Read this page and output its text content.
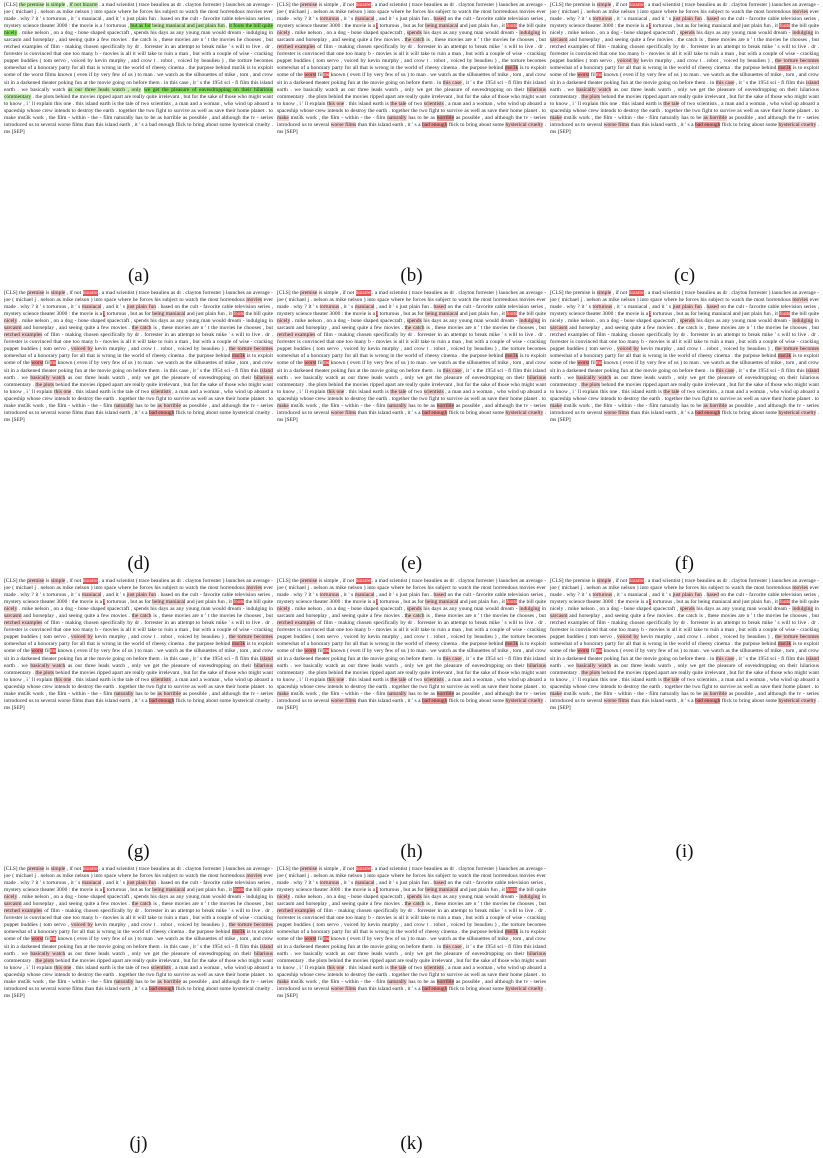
[CLS] the premise is simple , if not bizarre . a mad scientist ( trace beaulieu as dr . clayton forrester ) launches an average - joe ( michael j . nelson as mike nelson ) into space where he forces his subject to watch the most horrendous movies ever made . why ? it ' s torturous , it ' s maniacal , and it ' s just plain fun . based on the cult - favorite cable television series , mystery science theater 3000 : the movie is a ! torturous , but as for being maniacal and just plain fun , it foots the bill quite nicely . mike nelson , on a dog - bone shaped spacecraft , spends his days as any young man would dream - indulging in sarcasm and horseplay , and seeing quite a few movies . the catch is , these movies are n ' t the movies he chooses , but retched examples of film - making chosen specifically by dr . forrester in an attempt to break mike ' s will to live . dr . forrester is convinced that one too many b - movies is all it will take to ruin a man , but with a couple of wise - cracking puppet buddies ( tom servo , voiced by kevin murphy , and crow t . robot , voiced by beaulieu ) , the torture becomes somewhat of a honorary party for all that is wrong in the world of cheesy cinema . the purpose behind mst3k is to exploit some of the worst films known ( even if by very few of us ) to man . we watch as the silhouettes of mike , tom , and crow sit in a darkened theater poking fun at the movie going on before them . in this case , it ' s the 1954 sci - fi film this island earth . we basically watch as our three leads watch , only we get the pleasure of eavesdropping on their hilarious commentary . the plots behind the movies ripped apart are really quite irrelevant , but for the sake of those who might want to know , i ' ll explain this one . this island earth is the tale of two scientists , a man and a woman , who wind up aboard a spaceship whose crew intends to destroy the earth . together the two fight to survive as well as save their home planet . to make mst3k work , the film - within - the - film naturally has to be as horrible as possible , and although the tv - series introduced us to several worse films than this island earth , it ' s a bad enough flick to bring about some hysterical cruelty . ms [SEP]
(a)
[CLS] the premise is simple , if not bizarre . a mad scientist ( trace beaulieu as dr . clayton forrester ) launches an average - joe ( michael j . nelson as mike nelson ) into space where he forces his subject to watch the most horrendous movies ever made . why ? it ' s torturous , it ' s maniacal , and it ' s just plain fun . based on the cult - favorite cable television series , mystery science theater 3000 : the movie is a ! torturous , but as for being maniacal and just plain fun , it foots the bill quite nicely . mike nelson , on a dog - bone shaped spacecraft , spends his days as any young man would dream - indulging in sarcasm and horseplay , and seeing quite a few movies . the catch is , these movies are n ' t the movies he chooses , but retched examples of film - making chosen specifically by dr . forrester in an attempt to break mike ' s will to live . dr . forrester is convinced that one too many b - movies is all it will take to ruin a man , but with a couple of wise - cracking puppet buddies ( tom servo , voiced by kevin murphy , and crow t . robot , voiced by beaulieu ) , the torture becomes somewhat of a honorary party for all that is wrong in the world of cheesy cinema . the purpose behind mst3k is to exploit some of the worst films known ( even if by very few of us ) to man . we watch as the silhouettes of mike , tom , and crow sit in a darkened theater poking fun at the movie going on before them . in this case , it ' s the 1954 sci - fi film this island earth . we basically watch as our three leads watch , only we get the pleasure of eavesdropping on their hilarious commentary . the plots behind the movies ripped apart are really quite irrelevant , but for the sake of those who might want to know , i ' ll explain this one . this island earth is the tale of two scientists , a man and a woman , who wind up aboard a spaceship whose crew intends to destroy the earth . together the two fight to survive as well as save their home planet . to make mst3k work , the film - within - the - film naturally has to be as horrible as possible , and although the tv - series introduced us to several worse films than this island earth , it ' s a bad enough flick to bring about some hysterical cruelty . ms [SEP]
(b)
[CLS] the premise is simple , if not bizarre . a mad scientist ( trace beaulieu as dr . clayton forrester ) launches an average - joe ( michael j . nelson as mike nelson ) into space where he forces his subject to watch the most horrendous movies ever made . why ? it ' s torturous , it ' s maniacal , and it ' s just plain fun . based on the cult - favorite cable television series , mystery science theater 3000 : the movie is a ! torturous , but as for being maniacal and just plain fun , it foots the bill quite nicely . mike nelson , on a dog - bone shaped spacecraft , spends his days as any young man would dream - indulging in sarcasm and horseplay , and seeing quite a few movies . the catch is , these movies are n ' t the movies he chooses , but retched examples of film - making chosen specifically by dr . forrester in an attempt to break mike ' s will to live . dr . forrester is convinced that one too many b - movies is all it will take to ruin a man , but with a couple of wise - cracking puppet buddies ( tom servo , voiced by kevin murphy , and crow t . robot , voiced by beaulieu ) , the torture becomes somewhat of a honorary party for all that is wrong in the world of cheesy cinema . the purpose behind mst3k is to exploit some of the worst films known ( even if by very few of us ) to man . we watch as the silhouettes of mike , tom , and crow sit in a darkened theater poking fun at the movie going on before them . in this case , it ' s the 1954 sci - fi film this island earth . we basically watch as our three leads watch , only we get the pleasure of eavesdropping on their hilarious commentary . the plots behind the movies ripped apart are really quite irrelevant , but for the sake of those who might want to know , i ' ll explain this one . this island earth is the tale of two scientists , a man and a woman , who wind up aboard a spaceship whose crew intends to destroy the earth . together the two fight to survive as well as save their home planet . to make mst3k work , the film - within - the - film naturally has to be as horrible as possible , and although the tv - series introduced us to several worse films than this island earth , it ' s a bad enough flick to bring about some hysterical cruelty . ms [SEP]
(c)
[CLS] the premise is simple , if not bizarre . a mad scientist ( trace beaulieu as dr . clayton forrester ) launches an average - joe ( michael j . nelson as mike nelson ) into space where he forces his subject to watch the most horrendous movies ever made . why ? it ' s torturous , it ' s maniacal , and it ' s just plain fun . based on the cult - favorite cable television series , mystery science theater 3000 : the movie is a ! torturous , but as for being maniacal and just plain fun , it foots the bill quite nicely . mike nelson , on a dog - bone shaped spacecraft , spends his days as any young man would dream - indulging in sarcasm and horseplay , and seeing quite a few movies . the catch is , these movies are n ' t the movies he chooses , but retched examples of film - making chosen specifically by dr . forrester in an attempt to break mike ' s will to live . dr . forrester is convinced that one too many b - movies is all it will take to ruin a man , but with a couple of wise - cracking puppet buddies ( tom servo , voiced by kevin murphy , and crow t . robot , voiced by beaulieu ) , the torture becomes somewhat of a honorary party for all that is wrong in the world of cheesy cinema . the purpose behind mst3k is to exploit some of the worst films known ( even if by very few of us ) to man . we watch as the silhouettes of mike , tom , and crow sit in a darkened theater poking fun at the movie going on before them . in this case , it ' s the 1954 sci - fi film this island earth . we basically watch as our three leads watch , only we get the pleasure of eavesdropping on their hilarious commentary . the plots behind the movies ripped apart are really quite irrelevant , but for the sake of those who might want to know , i ' ll explain this one . this island earth is the tale of two scientists , a man and a woman , who wind up aboard a spaceship whose crew intends to destroy the earth . together the two fight to survive as well as save their home planet . to make mst3k work , the film - within - the - film naturally has to be as horrible as possible , and although the tv - series introduced us to several worse films than this island earth , it ' s a bad enough flick to bring about some hysterical cruelty . ms [SEP]
(d)
[CLS] the premise is simple , if not bizarre . a mad scientist ( trace beaulieu as dr . clayton forrester ) launches an average - joe ( michael j . nelson as mike nelson ) into space where he forces his subject to watch the most horrendous movies ever made . why ? it ' s torturous , it ' s maniacal , and it ' s just plain fun . based on the cult - favorite cable television series , mystery science theater 3000 : the movie is a ! torturous , but as for being maniacal and just plain fun , it foots the bill quite nicely . mike nelson , on a dog - bone shaped spacecraft , spends his days as any young man would dream - indulging in sarcasm and horseplay , and seeing quite a few movies . the catch is , these movies are n ' t the movies he chooses , but retched examples of film - making chosen specifically by dr . forrester in an attempt to break mike ' s will to live . dr . forrester is convinced that one too many b - movies is all it will take to ruin a man , but with a couple of wise - cracking puppet buddies ( tom servo , voiced by kevin murphy , and crow t . robot , voiced by beaulieu ) , the torture becomes somewhat of a honorary party for all that is wrong in the world of cheesy cinema . the purpose behind mst3k is to exploit some of the worst films known ( even if by very few of us ) to man . we watch as the silhouettes of mike , tom , and crow sit in a darkened theater poking fun at the movie going on before them . in this case , it ' s the 1954 sci - fi film this island earth . we basically watch as our three leads watch , only we get the pleasure of eavesdropping on their hilarious commentary . the plots behind the movies ripped apart are really quite irrelevant , but for the sake of those who might want to know , i ' ll explain this one . this island earth is the tale of two scientists , a man and a woman , who wind up aboard a spaceship whose crew intends to destroy the earth . together the two fight to survive as well as save their home planet . to make mst3k work , the film - within - the - film naturally has to be as horrible as possible , and although the tv - series introduced us to several worse films than this island earth , it ' s a bad enough flick to bring about some hysterical cruelty . ms [SEP]
(e)
[CLS] the premise is simple , if not bizarre . a mad scientist ( trace beaulieu as dr . clayton forrester ) launches an average - joe ( michael j . nelson as mike nelson ) into space where he forces his subject to watch the most horrendous movies ever made . why ? it ' s torturous , it ' s maniacal , and it ' s just plain fun . based on the cult - favorite cable television series , mystery science theater 3000 : the movie is a ! torturous , but as for being maniacal and just plain fun , it foots the bill quite nicely . mike nelson , on a dog - bone shaped spacecraft , spends his days as any young man would dream - indulging in sarcasm and horseplay , and seeing quite a few movies . the catch is , these movies are n ' t the movies he chooses , but retched examples of film - making chosen specifically by dr . forrester in an attempt to break mike ' s will to live . dr . forrester is convinced that one too many b - movies is all it will take to ruin a man , but with a couple of wise - cracking puppet buddies ( tom servo , voiced by kevin murphy , and crow t . robot , voiced by beaulieu ) , the torture becomes somewhat of a honorary party for all that is wrong in the world of cheesy cinema . the purpose behind mst3k is to exploit some of the worst films known ( even if by very few of us ) to man . we watch as the silhouettes of mike , tom , and crow sit in a darkened theater poking fun at the movie going on before them . in this case , it ' s the 1954 sci - fi film this island earth . we basically watch as our three leads watch , only we get the pleasure of eavesdropping on their hilarious commentary . the plots behind the movies ripped apart are really quite irrelevant , but for the sake of those who might want to know , i ' ll explain this one . this island earth is the tale of two scientists , a man and a woman , who wind up aboard a spaceship whose crew intends to destroy the earth . together the two fight to survive as well as save their home planet . to make mst3k work , the film - within - the - film naturally has to be as horrible as possible , and although the tv - series introduced us to several worse films than this island earth , it ' s a bad enough flick to bring about some hysterical cruelty . ms [SEP]
(f)
[CLS] the premise is simple , if not bizarre . a mad scientist ( trace beaulieu as dr . clayton forrester ) launches an average - joe ( michael j . nelson as mike nelson ) into space where he forces his subject to watch the most horrendous movies ever made . why ? it ' s torturous , it ' s maniacal , and it ' s just plain fun . based on the cult - favorite cable television series , mystery science theater 3000 : the movie is a ! torturous , but as for being maniacal and just plain fun , it foots the bill quite nicely . mike nelson , on a dog - bone shaped spacecraft , spends his days as any young man would dream - indulging in sarcasm and horseplay , and seeing quite a few movies . the catch is , these movies are n ' t the movies he chooses , but retched examples of film - making chosen specifically by dr . forrester in an attempt to break mike ' s will to live . dr . forrester is convinced that one too many b - movies is all it will take to ruin a man , but with a couple of wise - cracking puppet buddies ( tom servo , voiced by kevin murphy , and crow t . robot , voiced by beaulieu ) , the torture becomes somewhat of a honorary party for all that is wrong in the world of cheesy cinema . the purpose behind mst3k is to exploit some of the worst films known ( even if by very few of us ) to man . we watch as the silhouettes of mike , tom , and crow sit in a darkened theater poking fun at the movie going on before them . in this case , it ' s the 1954 sci - fi film this island earth . we basically watch as our three leads watch , only we get the pleasure of eavesdropping on their hilarious commentary . the plots behind the movies ripped apart are really quite irrelevant , but for the sake of those who might want to know , i ' ll explain this one . this island earth is the tale of two scientists , a man and a woman , who wind up aboard a spaceship whose crew intends to destroy the earth . together the two fight to survive as well as save their home planet . to make mst3k work , the film - within - the - film naturally has to be as horrible as possible , and although the tv - series introduced us to several worse films than this island earth , it ' s a bad enough flick to bring about some hysterical cruelty . ms [SEP]
(g)
[CLS] the premise is simple , if not bizarre . a mad scientist ( trace beaulieu as dr . clayton forrester ) launches an average - joe ( michael j . nelson as mike nelson ) into space where he forces his subject to watch the most horrendous movies ever made . why ? it ' s torturous , it ' s maniacal , and it ' s just plain fun . based on the cult - favorite cable television series , mystery science theater 3000 : the movie is a ! torturous , but as for being maniacal and just plain fun , it foots the bill quite nicely . mike nelson , on a dog - bone shaped spacecraft , spends his days as any young man would dream - indulging in sarcasm and horseplay , and seeing quite a few movies . the catch is , these movies are n ' t the movies he chooses , but retched examples of film - making chosen specifically by dr . forrester in an attempt to break mike ' s will to live . dr . forrester is convinced that one too many b - movies is all it will take to ruin a man , but with a couple of wise - cracking puppet buddies ( tom servo , voiced by kevin murphy , and crow t . robot , voiced by beaulieu ) , the torture becomes somewhat of a honorary party for all that is wrong in the world of cheesy cinema . the purpose behind mst3k is to exploit some of the worst films known ( even if by very few of us ) to man . we watch as the silhouettes of mike , tom , and crow sit in a darkened theater poking fun at the movie going on before them . in this case , it ' s the 1954 sci - fi film this island earth . we basically watch as our three leads watch , only we get the pleasure of eavesdropping on their hilarious commentary . the plots behind the movies ripped apart are really quite irrelevant , but for the sake of those who might want to know , i ' ll explain this one . this island earth is the tale of two scientists , a man and a woman , who wind up aboard a spaceship whose crew intends to destroy the earth . together the two fight to survive as well as save their home planet . to make mst3k work , the film - within - the - film naturally has to be as horrible as possible , and although the tv - series introduced us to several worse films than this island earth , it ' s a bad enough flick to bring about some hysterical cruelty . ms [SEP]
(h)
[CLS] the premise is simple , if not bizarre . a mad scientist ( trace beaulieu as dr . clayton forrester ) launches an average - joe ( michael j . nelson as mike nelson ) into space where he forces his subject to watch the most horrendous movies ever made . why ? it ' s torturous , it ' s maniacal , and it ' s just plain fun . based on the cult - favorite cable television series , mystery science theater 3000 : the movie is a ! torturous , but as for being maniacal and just plain fun , it foots the bill quite nicely . mike nelson , on a dog - bone shaped spacecraft , spends his days as any young man would dream - indulging in sarcasm and horseplay , and seeing quite a few movies . the catch is , these movies are n ' t the movies he chooses , but retched examples of film - making chosen specifically by dr . forrester in an attempt to break mike ' s will to live . dr . forrester is convinced that one too many b - movies is all it will take to ruin a man , but with a couple of wise - cracking puppet buddies ( tom servo , voiced by kevin murphy , and crow t . robot , voiced by beaulieu ) , the torture becomes somewhat of a honorary party for all that is wrong in the world of cheesy cinema . the purpose behind mst3k is to exploit some of the worst films known ( even if by very few of us ) to man . we watch as the silhouettes of mike , tom , and crow sit in a darkened theater poking fun at the movie going on before them . in this case , it ' s the 1954 sci - fi film this island earth . we basically watch as our three leads watch , only we get the pleasure of eavesdropping on their hilarious commentary . the plots behind the movies ripped apart are really quite irrelevant , but for the sake of those who might want to know , i ' ll explain this one . this island earth is the tale of two scientists , a man and a woman , who wind up aboard a spaceship whose crew intends to destroy the earth . together the two fight to survive as well as save their home planet . to make mst3k work , the film - within - the - film naturally has to be as horrible as possible , and although the tv - series introduced us to several worse films than this island earth , it ' s a bad enough flick to bring about some hysterical cruelty . ms [SEP]
(i)
[CLS] the premise is simple , if not bizarre . a mad scientist ( trace beaulieu as dr . clayton forrester ) launches an average - joe ( michael j . nelson as mike nelson ) into space where he forces his subject to watch the most horrendous movies ever made . why ? it ' s torturous , it ' s maniacal , and it ' s just plain fun . based on the cult - favorite cable television series , mystery science theater 3000 : the movie is a ! torturous , but as for being maniacal and just plain fun , it foots the bill quite nicely . mike nelson , on a dog - bone shaped spacecraft , spends his days as any young man would dream - indulging in sarcasm and horseplay , and seeing quite a few movies . the catch is , these movies are n ' t the movies he chooses , but retched examples of film - making chosen specifically by dr . forrester in an attempt to break mike ' s will to live . dr . forrester is convinced that one too many b - movies is all it will take to ruin a man , but with a couple of wise - cracking puppet buddies ( tom servo , voiced by kevin murphy , and crow t . robot , voiced by beaulieu ) , the torture becomes somewhat of a honorary party for all that is wrong in the world of cheesy cinema . the purpose behind mst3k is to exploit some of the worst films known ( even if by very few of us ) to man . we watch as the silhouettes of mike , tom , and crow sit in a darkened theater poking fun at the movie going on before them . in this case , it ' s the 1954 sci - fi film this island earth . we basically watch as our three leads watch , only we get the pleasure of eavesdropping on their hilarious commentary . the plots behind the movies ripped apart are really quite irrelevant , but for the sake of those who might want to know , i ' ll explain this one . this island earth is the tale of two scientists , a man and a woman , who wind up aboard a spaceship whose crew intends to destroy the earth . together the two fight to survive as well as save their home planet . to make mst3k work , the film - within - the - film naturally has to be as horrible as possible , and although the tv - series introduced us to several worse films than this island earth , it ' s a bad enough flick to bring about some hysterical cruelty . ms [SEP]
(j)
[CLS] the premise is simple , if not bizarre . a mad scientist ( trace beaulieu as dr . clayton forrester ) launches an average - joe ( michael j . nelson as mike nelson ) into space where he forces his subject to watch the most horrendous movies ever made . why ? it ' s torturous , it ' s maniacal , and it ' s just plain fun . based on the cult - favorite cable television series , mystery science theater 3000 : the movie is a ! torturous , but as for being maniacal and just plain fun , it foots the bill quite nicely . mike nelson , on a dog - bone shaped spacecraft , spends his days as any young man would dream - indulging in sarcasm and horseplay , and seeing quite a few movies . the catch is , these movies are n ' t the movies he chooses , but retched examples of film - making chosen specifically by dr . forrester in an attempt to break mike ' s will to live . dr . forrester is convinced that one too many b - movies is all it will take to ruin a man , but with a couple of wise - cracking puppet buddies ( tom servo , voiced by kevin murphy , and crow t . robot , voiced by beaulieu ) , the torture becomes somewhat of a honorary party for all that is wrong in the world of cheesy cinema . the purpose behind mst3k is to exploit some of the worst films known ( even if by very few of us ) to man . we watch as the silhouettes of mike , tom , and crow sit in a darkened theater poking fun at the movie going on before them . in this case , it ' s the 1954 sci - fi film this island earth . we basically watch as our three leads watch , only we get the pleasure of eavesdropping on their hilarious commentary . the plots behind the movies ripped apart are really quite irrelevant , but for the sake of those who might want to know , i ' ll explain this one . this island earth is the tale of two scientists , a man and a woman , who wind up aboard a spaceship whose crew intends to destroy the earth . together the two fight to survive as well as save their home planet . to make mst3k work , the film - within - the - film naturally has to be as horrible as possible , and although the tv - series introduced us to several worse films than this island earth , it ' s a bad enough flick to bring about some hysterical cruelty . ms [SEP]
(k)
